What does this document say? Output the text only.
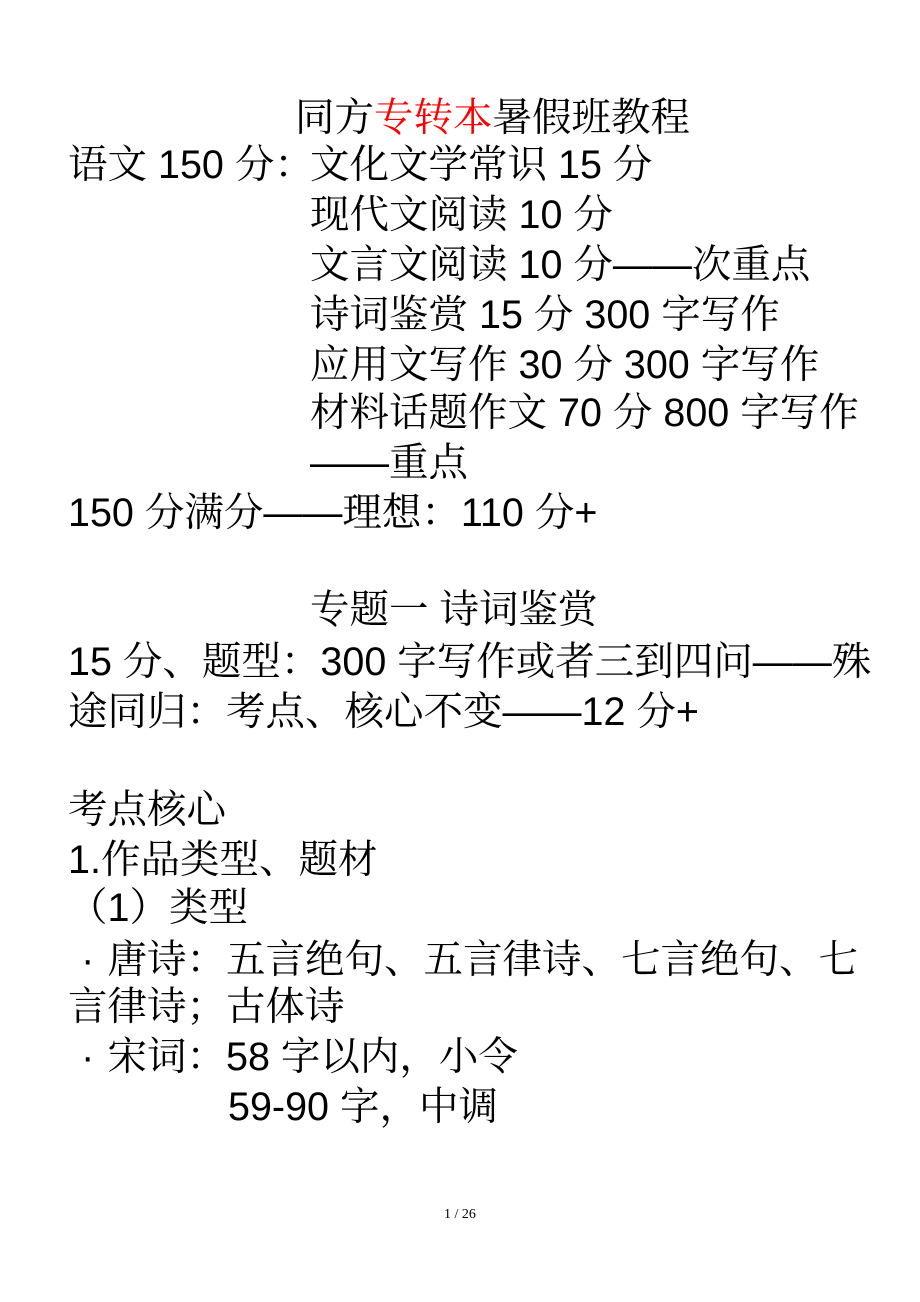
同方专转本暑假班教程
语文 150 分：
文化文学常识 15 分
现代文阅读 10 分
文言文阅读 10 分——次重点
诗词鉴赏 15 分 300 字写作
应用文写作 30 分 300 字写作
材料话题作文 70 分 800 字写作
——重点
150 分满分——理想：110 分+
专题一 诗词鉴赏
15 分、题型：300 字写作或者三到四问——殊
途同归：考点、核心不变——12 分+
考点核心
1.作品类型、题材
（1）类型
· 唐诗：五言绝句、五言律诗、七言绝句、七
言律诗；古体诗
· 宋词：58 字以内，小令
59-90 字，中调
1 / 26
